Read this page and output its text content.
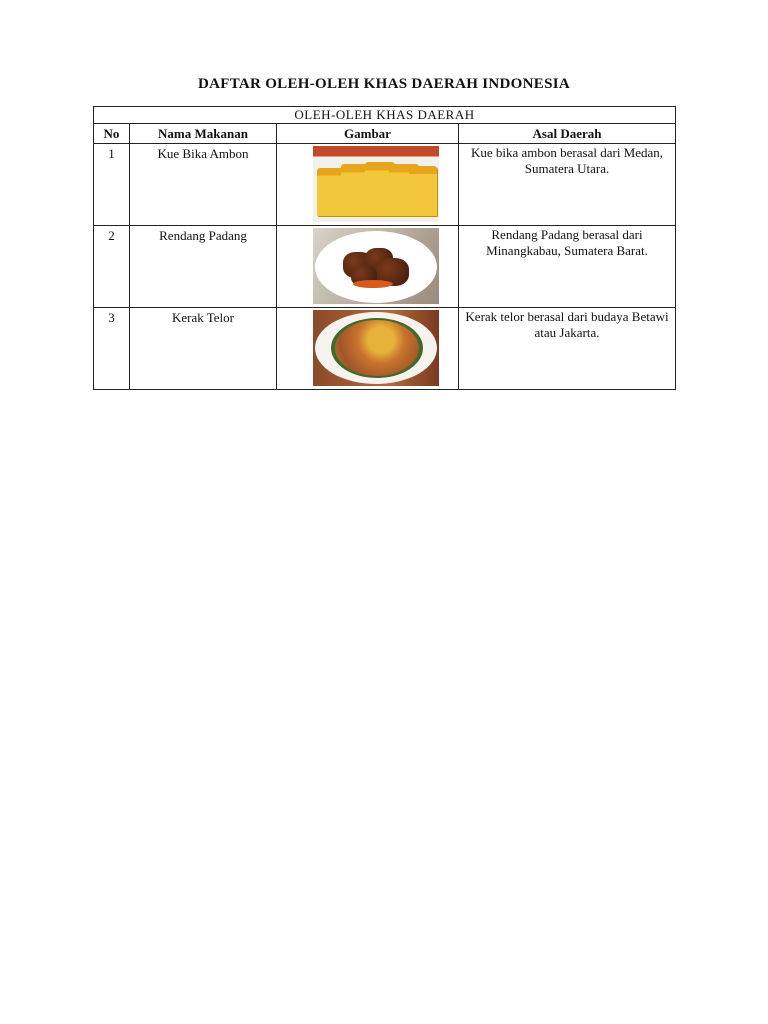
DAFTAR OLEH-OLEH KHAS DAERAH INDONESIA
OLEH-OLEH KHAS DAERAH			
No	Nama Makanan	Gambar	Asal Daerah
1	Kue Bika Ambon		Kue bika ambon berasal dari Medan, Sumatera Utara.
2	Rendang Padang		Rendang Padang berasal dari Minangkabau, Sumatera Barat.
3	Kerak Telor		Kerak telor berasal dari budaya Betawi atau Jakarta.
